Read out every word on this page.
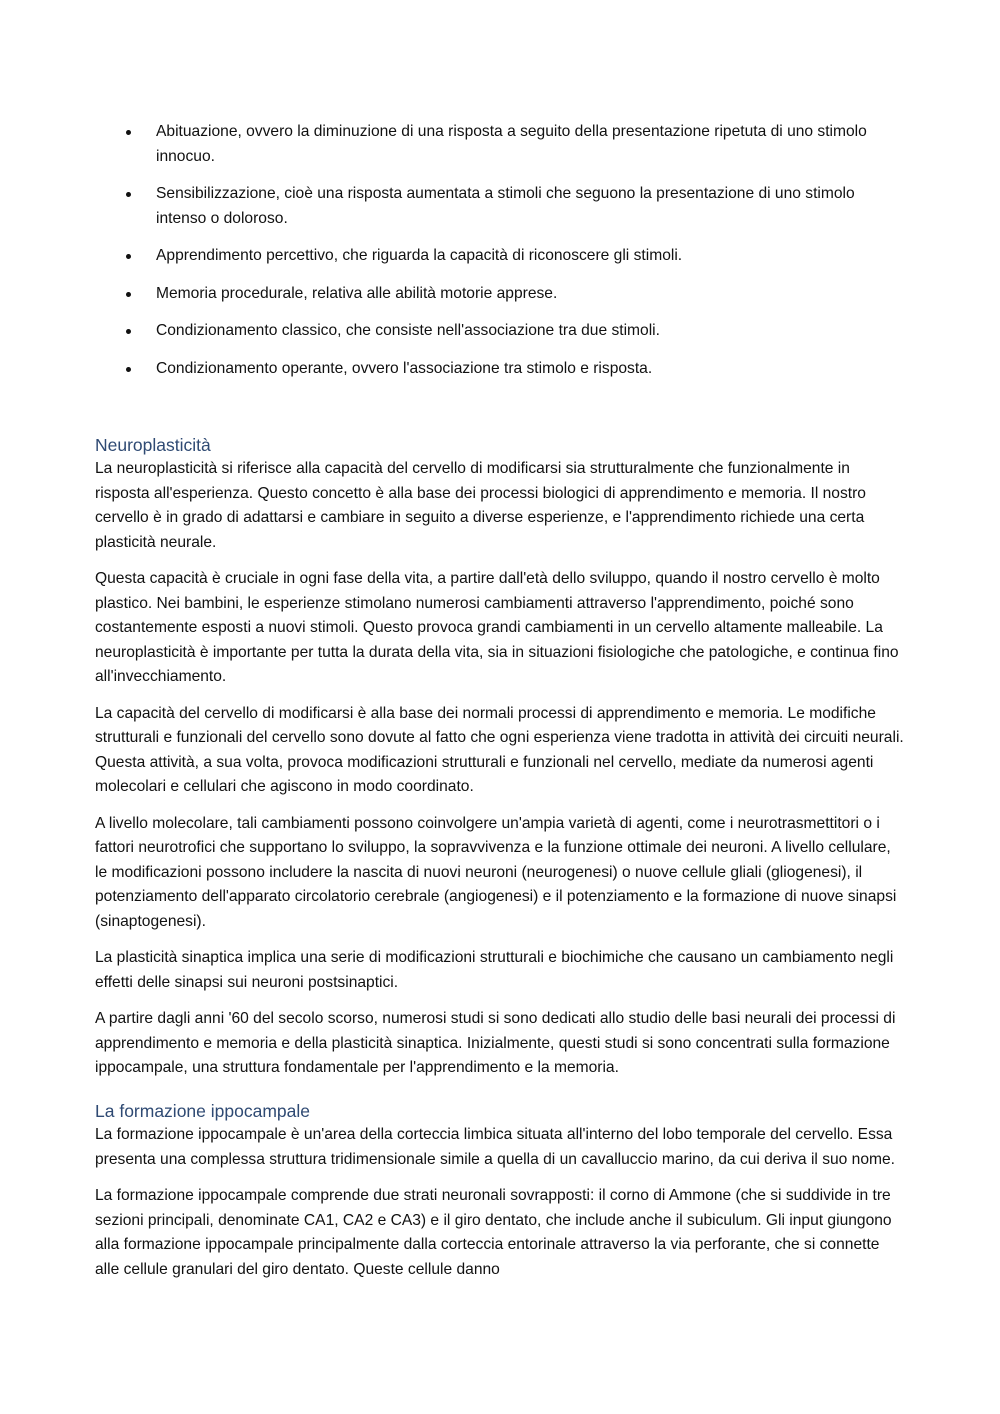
Abituazione, ovvero la diminuzione di una risposta a seguito della presentazione ripetuta di uno stimolo innocuo.
Sensibilizzazione, cioè una risposta aumentata a stimoli che seguono la presentazione di uno stimolo intenso o doloroso.
Apprendimento percettivo, che riguarda la capacità di riconoscere gli stimoli.
Memoria procedurale, relativa alle abilità motorie apprese.
Condizionamento classico, che consiste nell'associazione tra due stimoli.
Condizionamento operante, ovvero l'associazione tra stimolo e risposta.
Neuroplasticità

La neuroplasticità si riferisce alla capacità del cervello di modificarsi sia strutturalmente che funzionalmente in risposta all'esperienza. Questo concetto è alla base dei processi biologici di apprendimento e memoria. Il nostro cervello è in grado di adattarsi e cambiare in seguito a diverse esperienze, e l'apprendimento richiede una certa plasticità neurale.

Questa capacità è cruciale in ogni fase della vita, a partire dall'età dello sviluppo, quando il nostro cervello è molto plastico. Nei bambini, le esperienze stimolano numerosi cambiamenti attraverso l'apprendimento, poiché sono costantemente esposti a nuovi stimoli. Questo provoca grandi cambiamenti in un cervello altamente malleabile. La neuroplasticità è importante per tutta la durata della vita, sia in situazioni fisiologiche che patologiche, e continua fino all'invecchiamento.

La capacità del cervello di modificarsi è alla base dei normali processi di apprendimento e memoria. Le modifiche strutturali e funzionali del cervello sono dovute al fatto che ogni esperienza viene tradotta in attività dei circuiti neurali. Questa attività, a sua volta, provoca modificazioni strutturali e funzionali nel cervello, mediate da numerosi agenti molecolari e cellulari che agiscono in modo coordinato.

A livello molecolare, tali cambiamenti possono coinvolgere un'ampia varietà di agenti, come i neurotrasmettitori o i fattori neurotrofici che supportano lo sviluppo, la sopravvivenza e la funzione ottimale dei neuroni. A livello cellulare, le modificazioni possono includere la nascita di nuovi neuroni (neurogenesi) o nuove cellule gliali (gliogenesi), il potenziamento dell'apparato circolatorio cerebrale (angiogenesi) e il potenziamento e la formazione di nuove sinapsi (sinaptogenesi).

La plasticità sinaptica implica una serie di modificazioni strutturali e biochimiche che causano un cambiamento negli effetti delle sinapsi sui neuroni postsinaptici.

A partire dagli anni '60 del secolo scorso, numerosi studi si sono dedicati allo studio delle basi neurali dei processi di apprendimento e memoria e della plasticità sinaptica. Inizialmente, questi studi si sono concentrati sulla formazione ippocampale, una struttura fondamentale per l'apprendimento e la memoria.

La formazione ippocampale

La formazione ippocampale è un'area della corteccia limbica situata all'interno del lobo temporale del cervello. Essa presenta una complessa struttura tridimensionale simile a quella di un cavalluccio marino, da cui deriva il suo nome.

La formazione ippocampale comprende due strati neuronali sovrapposti: il corno di Ammone (che si suddivide in tre sezioni principali, denominate CA1, CA2 e CA3) e il giro dentato, che include anche il subiculum. Gli input giungono alla formazione ippocampale principalmente dalla corteccia entorinale attraverso la via perforante, che si connette alle cellule granulari del giro dentato. Queste cellule danno
